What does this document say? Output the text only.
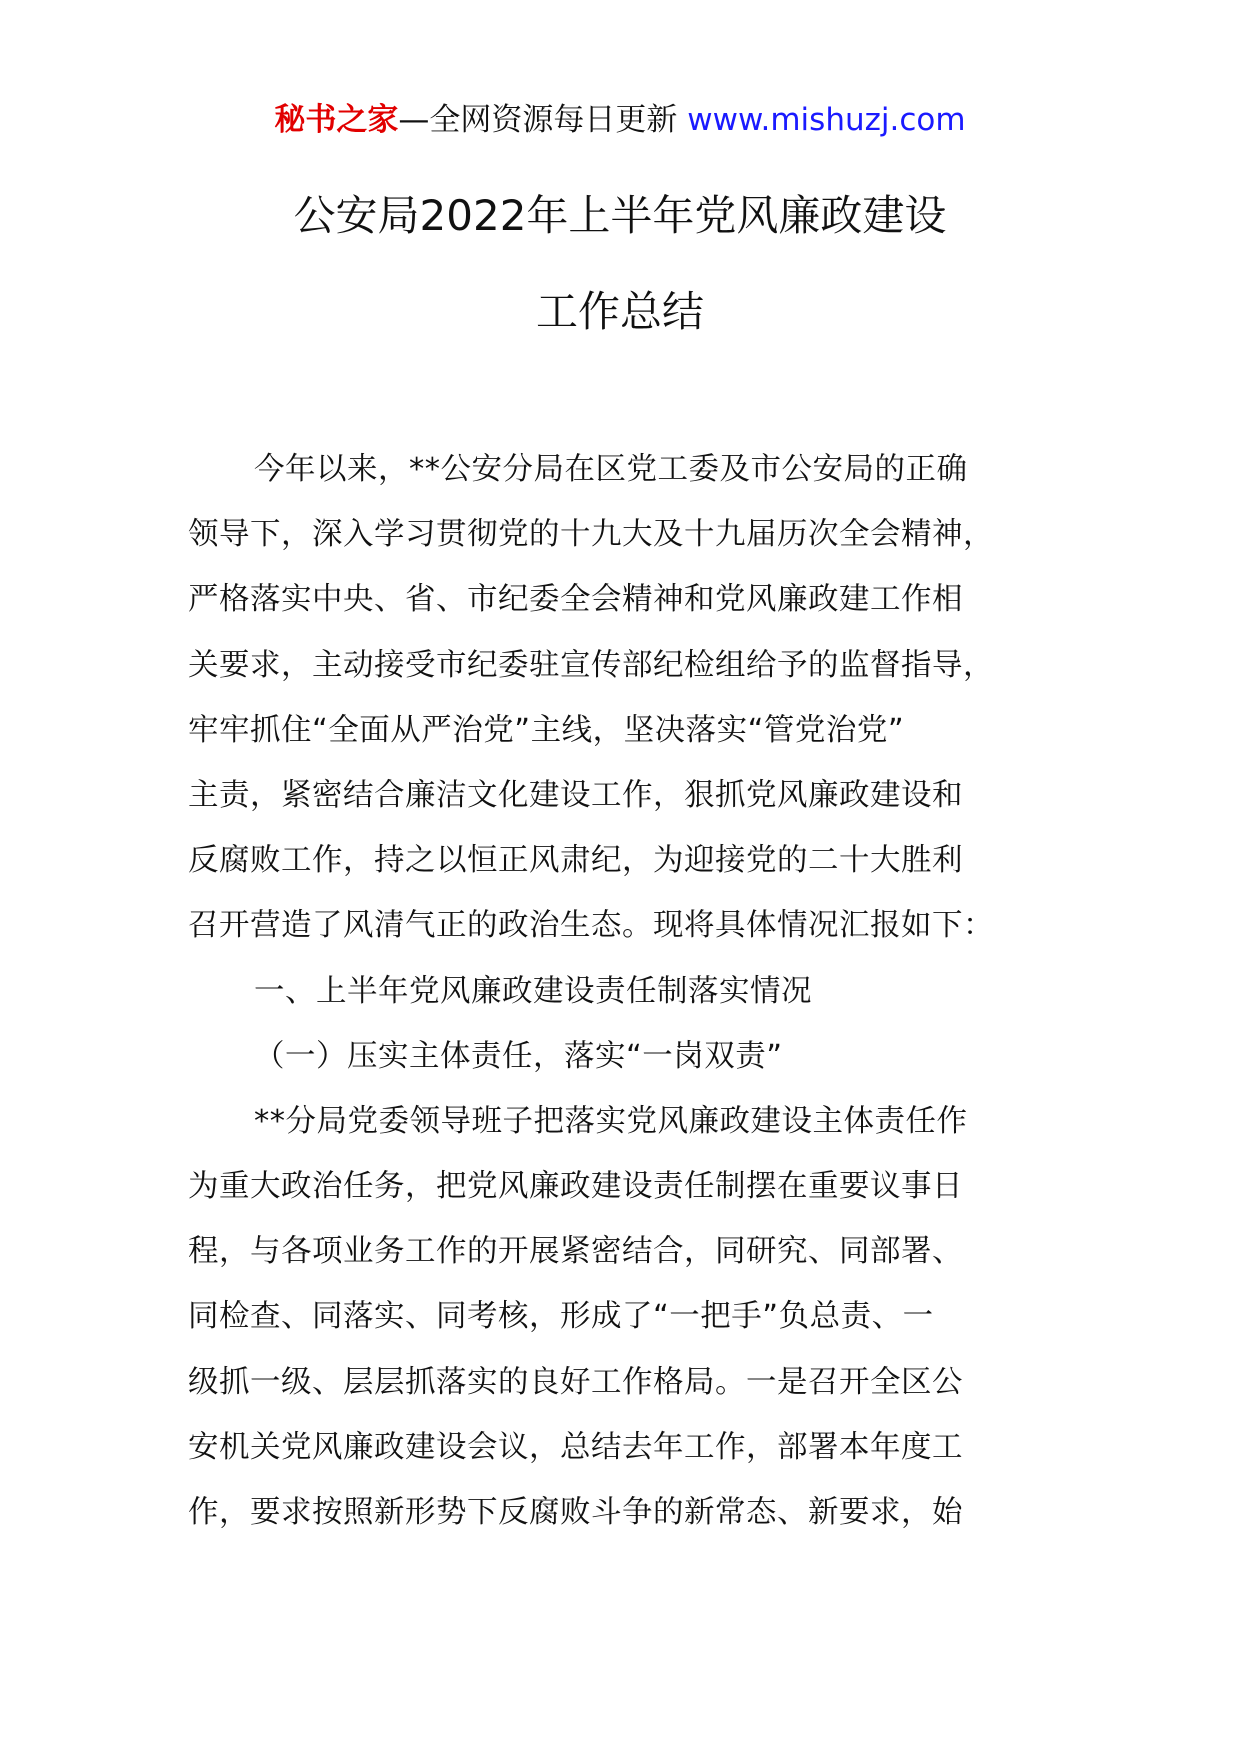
秘书之家—全网资源每日更新 www.mishuzj.com
公安局2022年上半年党风廉政建设
工作总结
今年以来，**公安分局在区党工委及市公安局的正确
领导下，深入学习贯彻党的十九大及十九届历次全会精神，
严格落实中央、省、市纪委全会精神和党风廉政建工作相
关要求，主动接受市纪委驻宣传部纪检组给予的监督指导，
牢牢抓住“全面从严治党”主线，坚决落实“管党治党”
主责，紧密结合廉洁文化建设工作，狠抓党风廉政建设和
反腐败工作，持之以恒正风肃纪，为迎接党的二十大胜利
召开营造了风清气正的政治生态。现将具体情况汇报如下：
一、上半年党风廉政建设责任制落实情况
（一）压实主体责任，落实“一岗双责”
**分局党委领导班子把落实党风廉政建设主体责任作
为重大政治任务，把党风廉政建设责任制摆在重要议事日
程，与各项业务工作的开展紧密结合，同研究、同部署、
同检查、同落实、同考核，形成了“一把手”负总责、一
级抓一级、层层抓落实的良好工作格局。一是召开全区公
安机关党风廉政建设会议，总结去年工作，部署本年度工
作，要求按照新形势下反腐败斗争的新常态、新要求，始
